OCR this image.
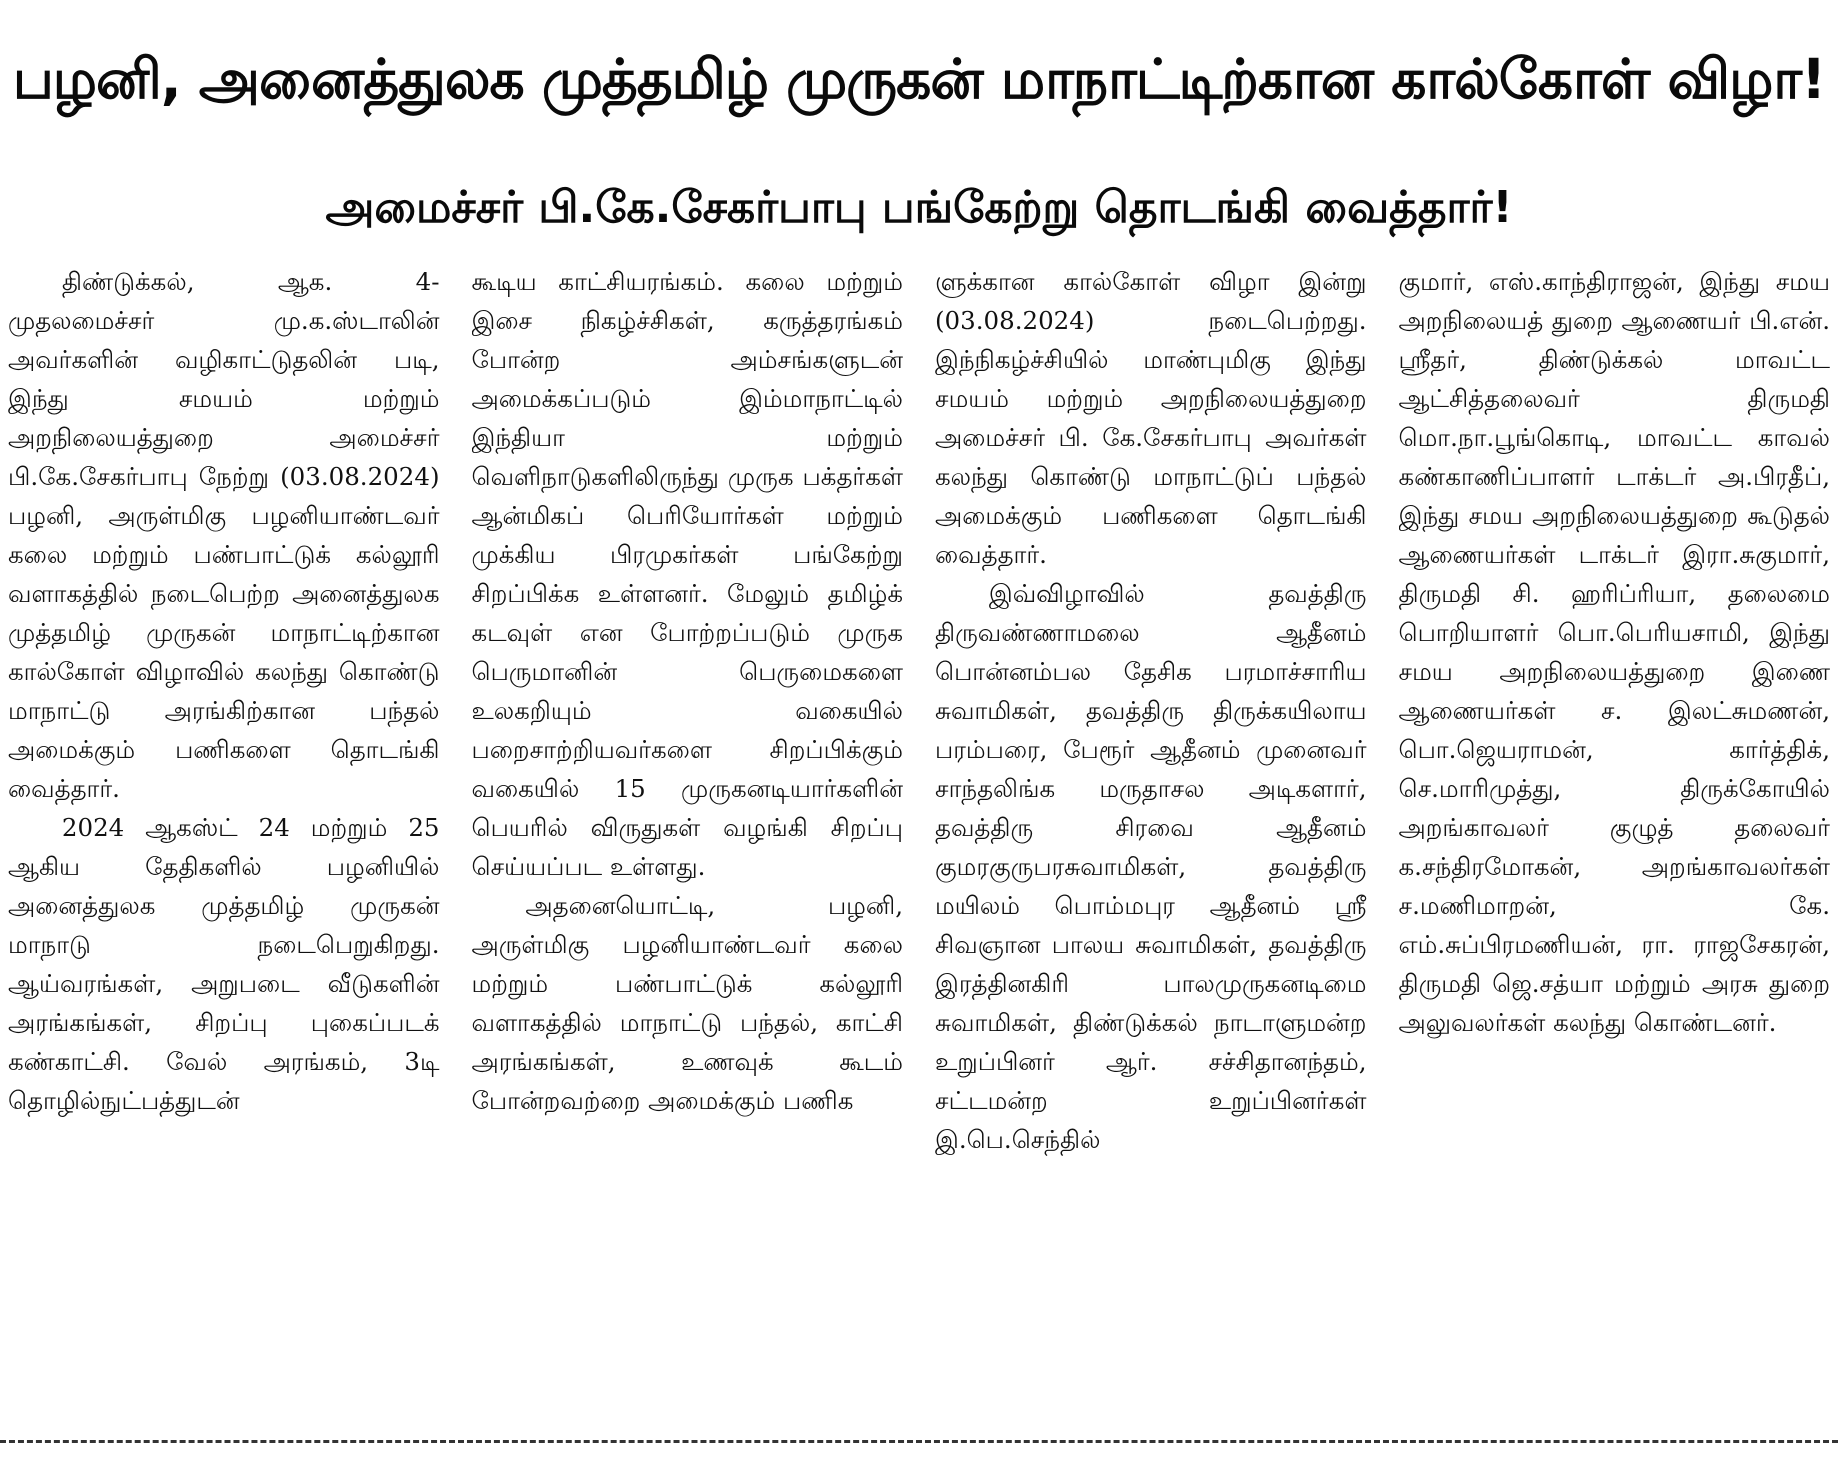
பழனி, அனைத்துலக முத்தமிழ் முருகன் மாநாட்டிற்கான கால்கோள் விழா!
அமைச்சர் பி.கே.சேகர்பாபு பங்கேற்று தொடங்கி வைத்தார்!

திண்டுக்கல், ஆக. 4- முதலமைச்சர் மு.க.ஸ்டாலின் அவர்களின் வழிகாட்டுதலின் படி, இந்து சமயம் மற்றும் அறநிலையத்துறை அமைச்சர் பி.கே.சேகர்பாபு நேற்று (03.08.2024) பழனி, அருள்மிகு பழனியாண்டவர் கலை மற்றும் பண்பாட்டுக் கல்லூரி வளாகத்தில் நடைபெற்ற அனைத்துலக முத்தமிழ் முருகன் மாநாட்டிற்கான கால்கோள் விழாவில் கலந்து கொண்டு மாநாட்டு அரங்கிற்கான பந்தல் அமைக்கும் பணிகளை தொடங்கி வைத்தார்.

2024 ஆகஸ்ட் 24 மற்றும் 25 ஆகிய தேதிகளில் பழனியில் அனைத்துலக முத்தமிழ் முருகன் மாநாடு நடைபெறுகிறது. ஆய்வரங்கள், அறுபடை வீடுகளின் அரங்கங்கள், சிறப்பு புகைப்படக் கண்காட்சி. வேல் அரங்கம், 3டி தொழில்நுட்பத்துடன்

கூடிய காட்சியரங்கம். கலை மற்றும் இசை நிகழ்ச்சிகள், கருத்தரங்கம் போன்ற அம்சங்களுடன் அமைக்கப்படும் இம்மாநாட்டில் இந்தியா மற்றும் வெளிநாடுகளிலிருந்து முருக பக்தர்கள் ஆன்மிகப் பெரியோர்கள் மற்றும் முக்கிய பிரமுகர்கள் பங்கேற்று சிறப்பிக்க உள்ளனர். மேலும் தமிழ்க் கடவுள் என போற்றப்படும் முருக பெருமானின் பெருமைகளை உலகறியும் வகையில் பறைசாற்றியவர்களை சிறப்பிக்கும் வகையில் 15 முருகனடியார்களின் பெயரில் விருதுகள் வழங்கி சிறப்பு செய்யப்பட உள்ளது.

அதனையொட்டி, பழனி, அருள்மிகு பழனியாண்டவர் கலை மற்றும் பண்பாட்டுக் கல்லூரி வளாகத்தில் மாநாட்டு பந்தல், காட்சி அரங்கங்கள், உணவுக் கூடம் போன்றவற்றை அமைக்கும் பணிக

ளுக்கான கால்கோள் விழா இன்று (03.08.2024) நடைபெற்றது. இந்நிகழ்ச்சியில் மாண்புமிகு இந்து சமயம் மற்றும் அறநிலையத்துறை அமைச்சர் பி. கே.சேகர்பாபு அவர்கள் கலந்து கொண்டு மாநாட்டுப் பந்தல் அமைக்கும் பணிகளை தொடங்கி வைத்தார்.

இவ்விழாவில் தவத்திரு திருவண்ணாமலை ஆதீனம் பொன்னம்பல தேசிக பரமாச்சாரிய சுவாமிகள், தவத்திரு திருக்கயிலாய பரம்பரை, பேரூர் ஆதீனம் முனைவர் சாந்தலிங்க மருதாசல அடிகளார், தவத்திரு சிரவை ஆதீனம் குமரகுருபரசுவாமிகள், தவத்திரு மயிலம் பொம்மபுர ஆதீனம் ஸ்ரீ சிவஞான பாலய சுவாமிகள், தவத்திரு இரத்தினகிரி பாலமுருகனடிமை சுவாமிகள், திண்டுக்கல் நாடாளுமன்ற உறுப்பினர் ஆர். சச்சிதானந்தம், சட்டமன்ற உறுப்பினர்கள் இ.பெ.செந்தில்

குமார், எஸ்.காந்திராஜன், இந்து சமய அறநிலையத் துறை ஆணையர் பி.என். ஸ்ரீதர், திண்டுக்கல் மாவட்ட ஆட்சித்தலைவர் திருமதி மொ.நா.பூங்கொடி, மாவட்ட காவல் கண்காணிப்பாளர் டாக்டர் அ.பிரதீப், இந்து சமய அறநிலையத்துறை கூடுதல் ஆணையர்கள் டாக்டர் இரா.சுகுமார், திருமதி சி. ஹரிப்ரியா, தலைமை பொறியாளர் பொ.பெரியசாமி, இந்து சமய அறநிலையத்துறை இணை ஆணையர்கள் ச. இலட்சுமணன், பொ.ஜெயராமன், கார்த்திக், செ.மாரிமுத்து, திருக்கோயில் அறங்காவலர் குழுத் தலைவர் க.சந்திரமோகன், அறங்காவலர்கள் ச.மணிமாறன், கே. எம்.சுப்பிரமணியன், ரா. ராஜசேகரன், திருமதி ஜெ.சத்யா மற்றும் அரசு துறை அலுவலர்கள் கலந்து கொண்டனர்.
